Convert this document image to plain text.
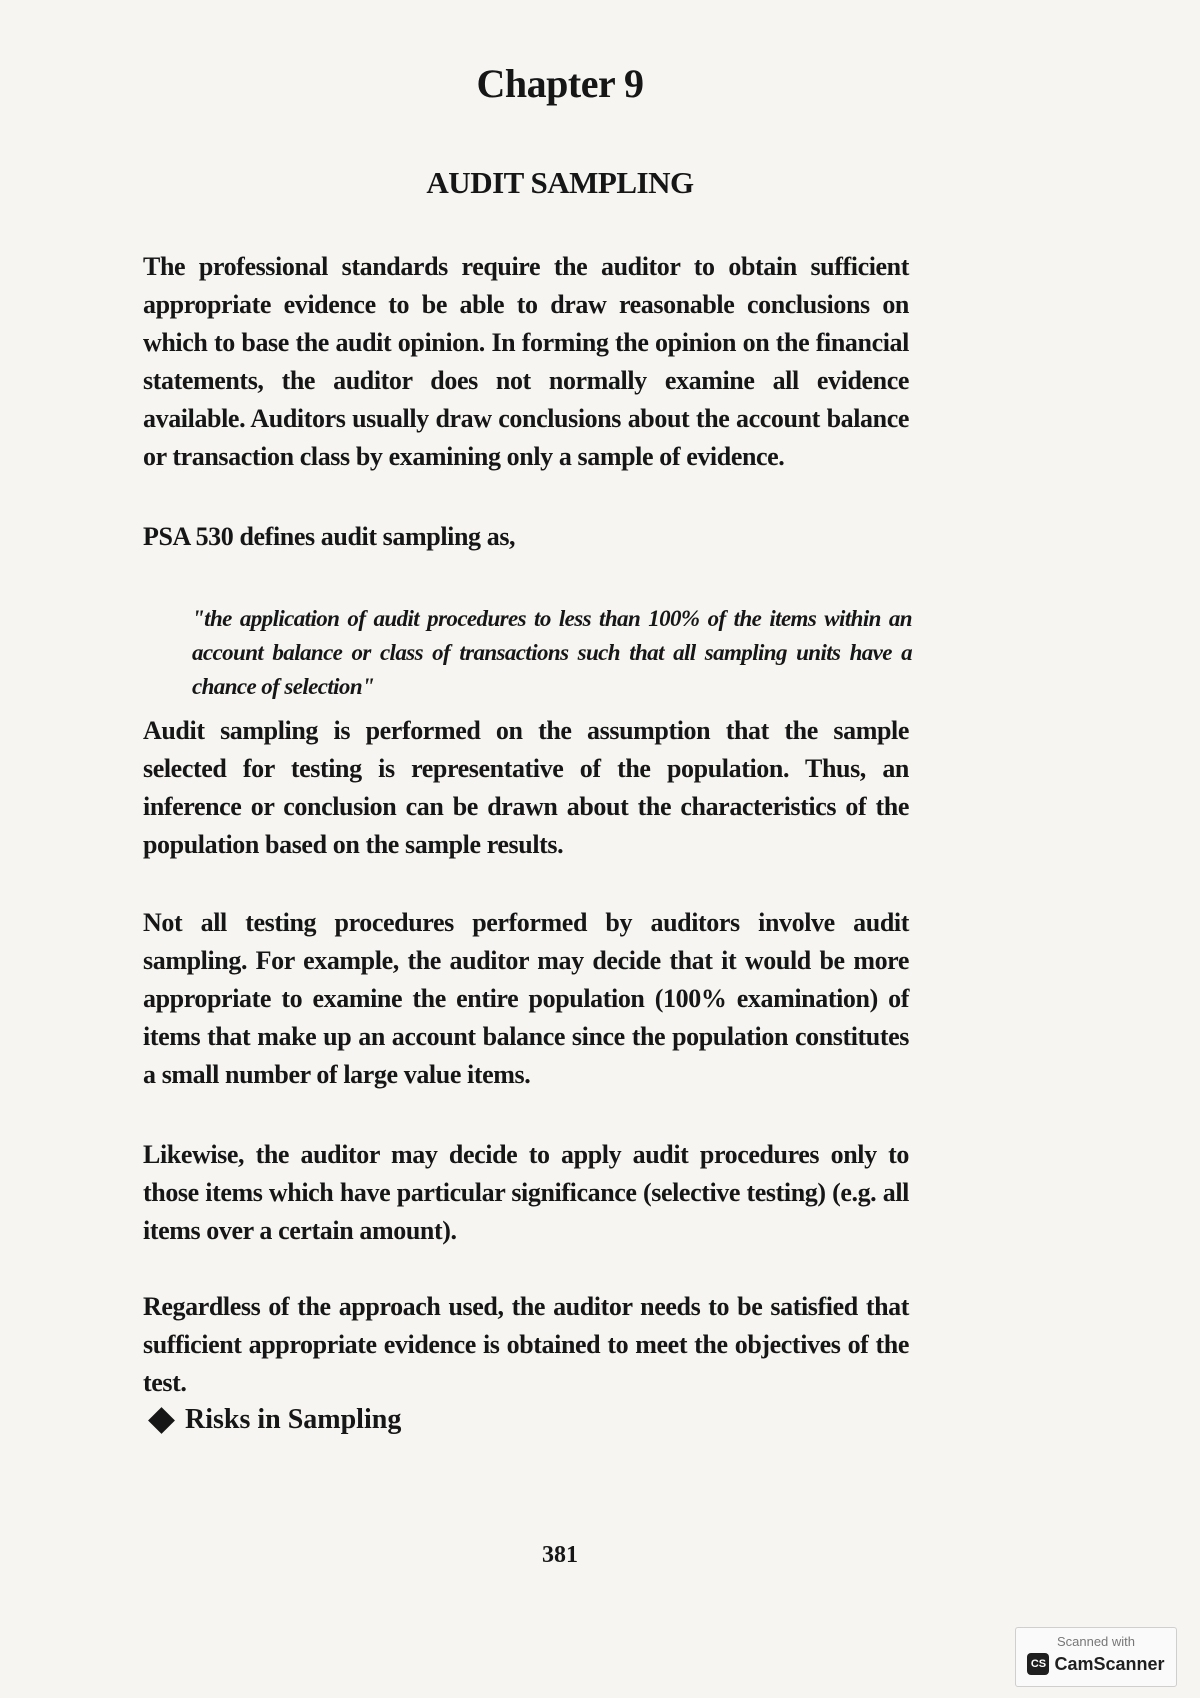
Chapter 9
AUDIT SAMPLING

The professional standards require the auditor to obtain sufficient appropriate evidence to be able to draw reasonable conclusions on which to base the audit opinion. In forming the opinion on the financial statements, the auditor does not normally examine all evidence available. Auditors usually draw conclusions about the account balance or transaction class by examining only a sample of evidence.

PSA 530 defines audit sampling as,

"the application of audit procedures to less than 100% of the items within an account balance or class of transactions such that all sampling units have a chance of selection"

Audit sampling is performed on the assumption that the sample selected for testing is representative of the population. Thus, an inference or conclusion can be drawn about the characteristics of the population based on the sample results.

Not all testing procedures performed by auditors involve audit sampling. For example, the auditor may decide that it would be more appropriate to examine the entire population (100% examination) of items that make up an account balance since the population constitutes a small number of large value items.

Likewise, the auditor may decide to apply audit procedures only to those items which have particular significance (selective testing) (e.g. all items over a certain amount).

Regardless of the approach used, the auditor needs to be satisfied that sufficient appropriate evidence is obtained to meet the objectives of the test.

Risks in Sampling
381
Scanned with
CS CamScanner
